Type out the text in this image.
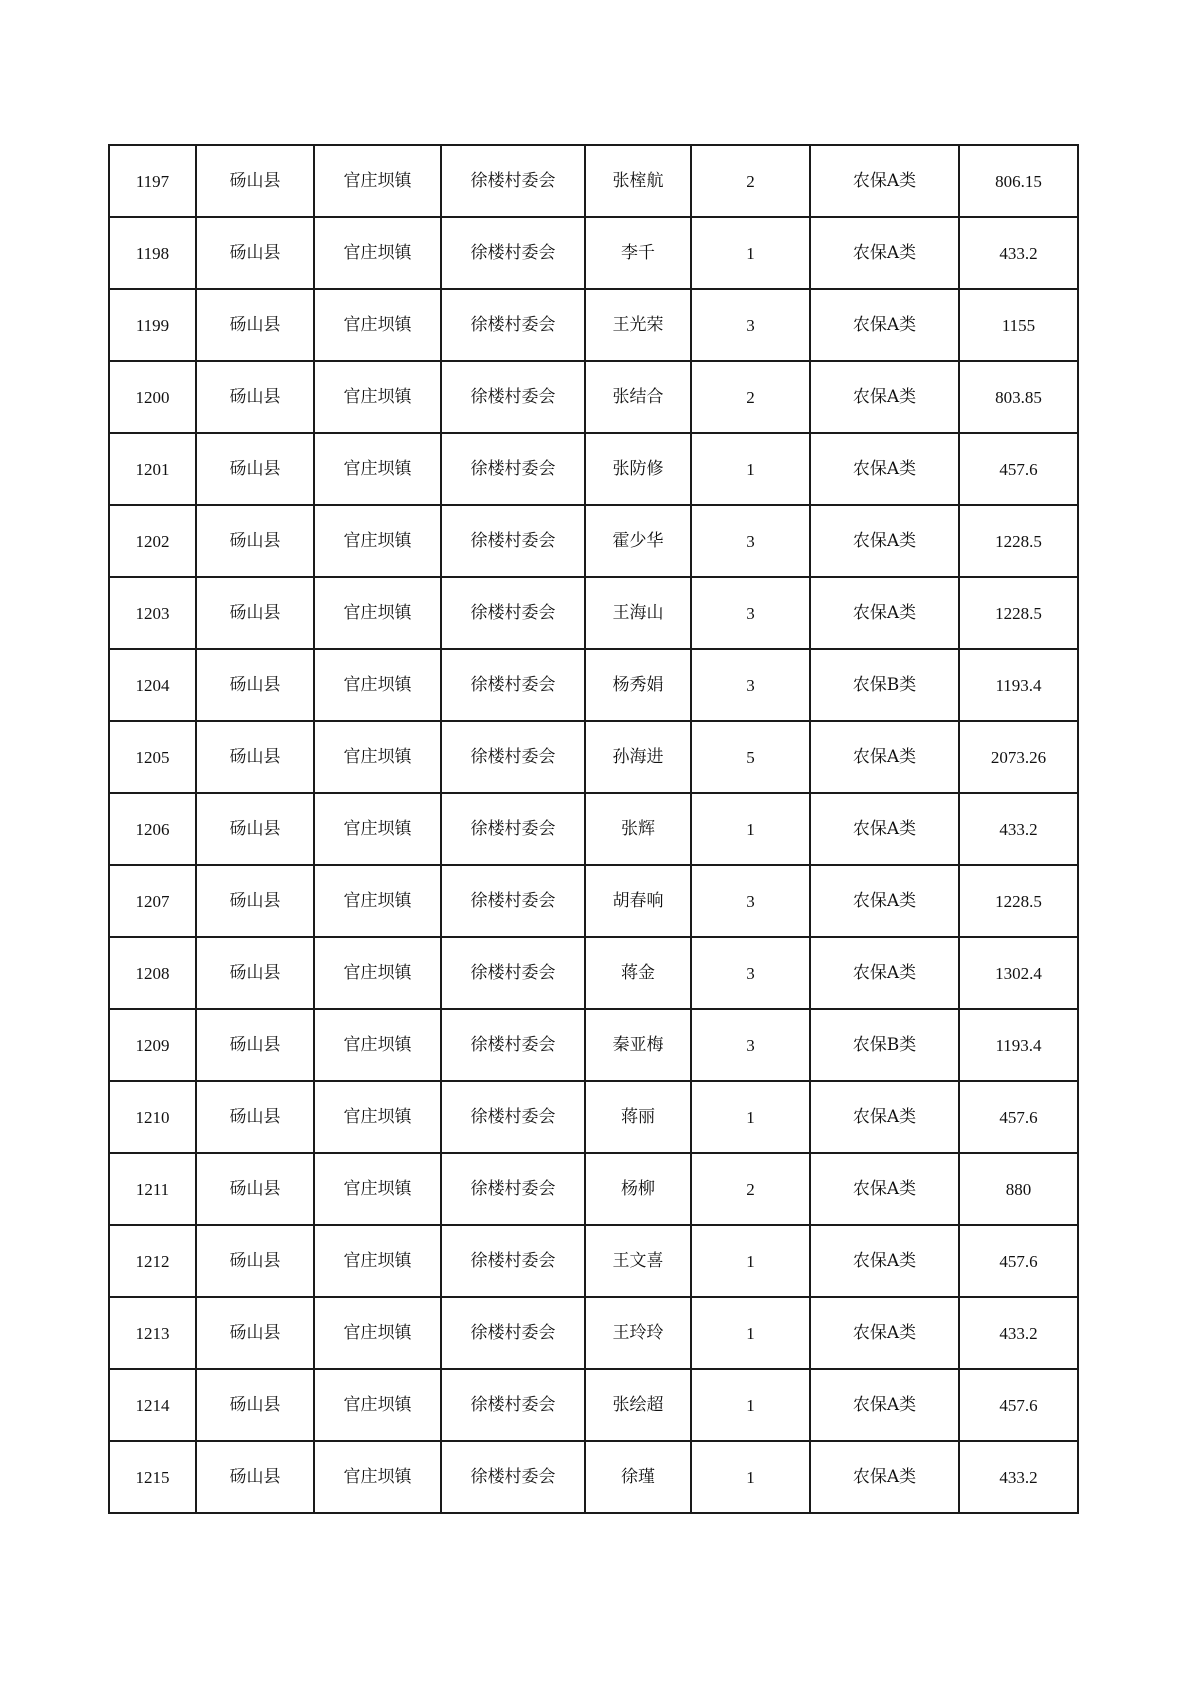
1197	砀山县	官庄坝镇	徐楼村委会	张榁航	2	农保A类	806.15
1198	砀山县	官庄坝镇	徐楼村委会	李千	1	农保A类	433.2
1199	砀山县	官庄坝镇	徐楼村委会	王光荣	3	农保A类	1155
1200	砀山县	官庄坝镇	徐楼村委会	张结合	2	农保A类	803.85
1201	砀山县	官庄坝镇	徐楼村委会	张防修	1	农保A类	457.6
1202	砀山县	官庄坝镇	徐楼村委会	霍少华	3	农保A类	1228.5
1203	砀山县	官庄坝镇	徐楼村委会	王海山	3	农保A类	1228.5
1204	砀山县	官庄坝镇	徐楼村委会	杨秀娟	3	农保B类	1193.4
1205	砀山县	官庄坝镇	徐楼村委会	孙海进	5	农保A类	2073.26
1206	砀山县	官庄坝镇	徐楼村委会	张辉	1	农保A类	433.2
1207	砀山县	官庄坝镇	徐楼村委会	胡春响	3	农保A类	1228.5
1208	砀山县	官庄坝镇	徐楼村委会	蒋金	3	农保A类	1302.4
1209	砀山县	官庄坝镇	徐楼村委会	秦亚梅	3	农保B类	1193.4
1210	砀山县	官庄坝镇	徐楼村委会	蒋丽	1	农保A类	457.6
1211	砀山县	官庄坝镇	徐楼村委会	杨柳	2	农保A类	880
1212	砀山县	官庄坝镇	徐楼村委会	王文喜	1	农保A类	457.6
1213	砀山县	官庄坝镇	徐楼村委会	王玲玲	1	农保A类	433.2
1214	砀山县	官庄坝镇	徐楼村委会	张绘超	1	农保A类	457.6
1215	砀山县	官庄坝镇	徐楼村委会	徐瑾	1	农保A类	433.2
